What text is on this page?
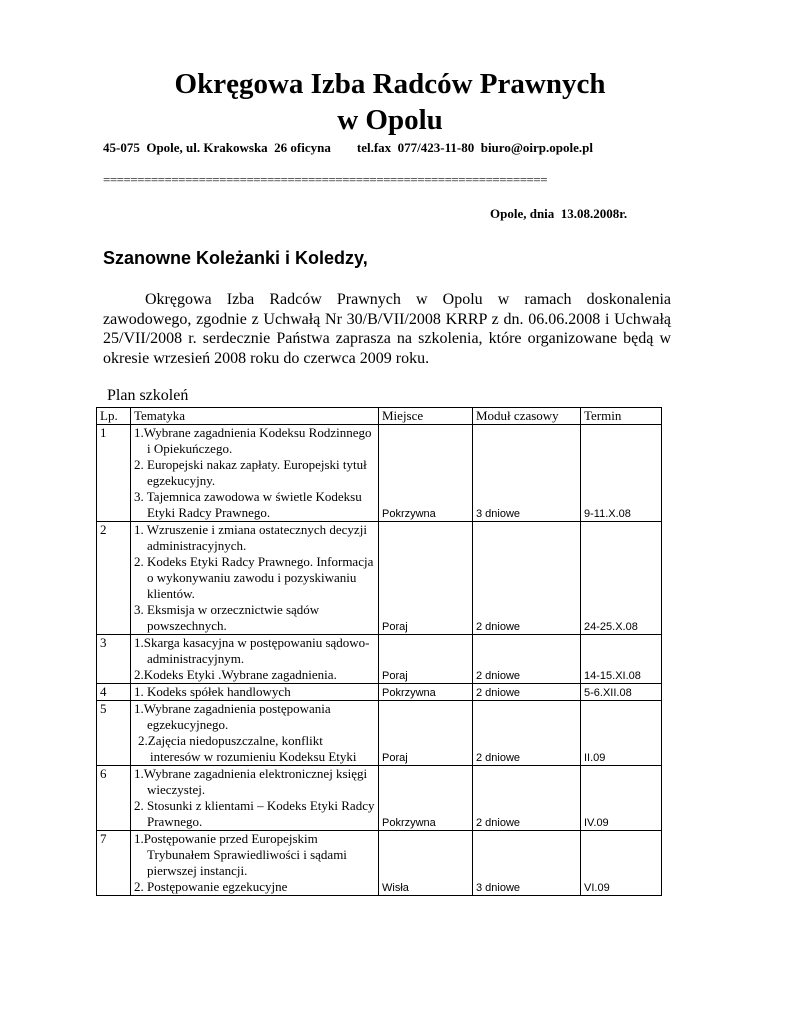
Okręgowa Izba Radców Prawnych
w Opolu
45-075  Opole, ul. Krakowska  26 oficyna        tel.fax  077/423-11-80  biuro@oirp.opole.pl
=================================================================
Opole, dnia  13.08.2008r.
Szanowne Koleżanki i Koledzy,
Okręgowa Izba Radców Prawnych w Opolu w ramach doskonalenia zawodowego, zgodnie z Uchwałą Nr 30/B/VII/2008 KRRP z dn. 06.06.2008 i Uchwałą 25/VII/2008 r. serdecznie Państwa zaprasza na szkolenia, które organizowane będą w okresie wrzesień 2008 roku do czerwca 2009 roku.
Plan szkoleń
Lp.	Tematyka	Miejsce	Moduł czasowy	Termin
1	1.Wybrane zagadnienia Kodeksu Rodzinnego i Opiekuńczego.
2. Europejski nakaz zapłaty. Europejski tytuł egzekucyjny.
3. Tajemnica zawodowa w świetle Kodeksu Etyki Radcy Prawnego.	Pokrzywna	3 dniowe	9-11.X.08
2	1. Wzruszenie i zmiana ostatecznych decyzji administracyjnych.
2. Kodeks Etyki Radcy Prawnego. Informacja o wykonywaniu zawodu i pozyskiwaniu klientów.
3. Eksmisja w orzecznictwie sądów powszechnych.	Poraj	2 dniowe	24-25.X.08
3	1.Skarga kasacyjna w postępowaniu sądowo-administracyjnym.
2.Kodeks Etyki .Wybrane zagadnienia.	Poraj	2 dniowe	14-15.XI.08
4	1. Kodeks spółek handlowych	Pokrzywna	2 dniowe	5-6.XII.08
5	1.Wybrane zagadnienia postępowania egzekucyjnego.
2.Zajęcia niedopuszczalne, konflikt interesów w rozumieniu Kodeksu Etyki	Poraj	2 dniowe	II.09
6	1.Wybrane zagadnienia elektronicznej księgi wieczystej.
2. Stosunki z klientami – Kodeks Etyki Radcy Prawnego.	Pokrzywna	2 dniowe	IV.09
7	1.Postępowanie przed Europejskim Trybunałem Sprawiedliwości i sądami pierwszej instancji.
2. Postępowanie egzekucyjne	Wisła	3 dniowe	VI.09
